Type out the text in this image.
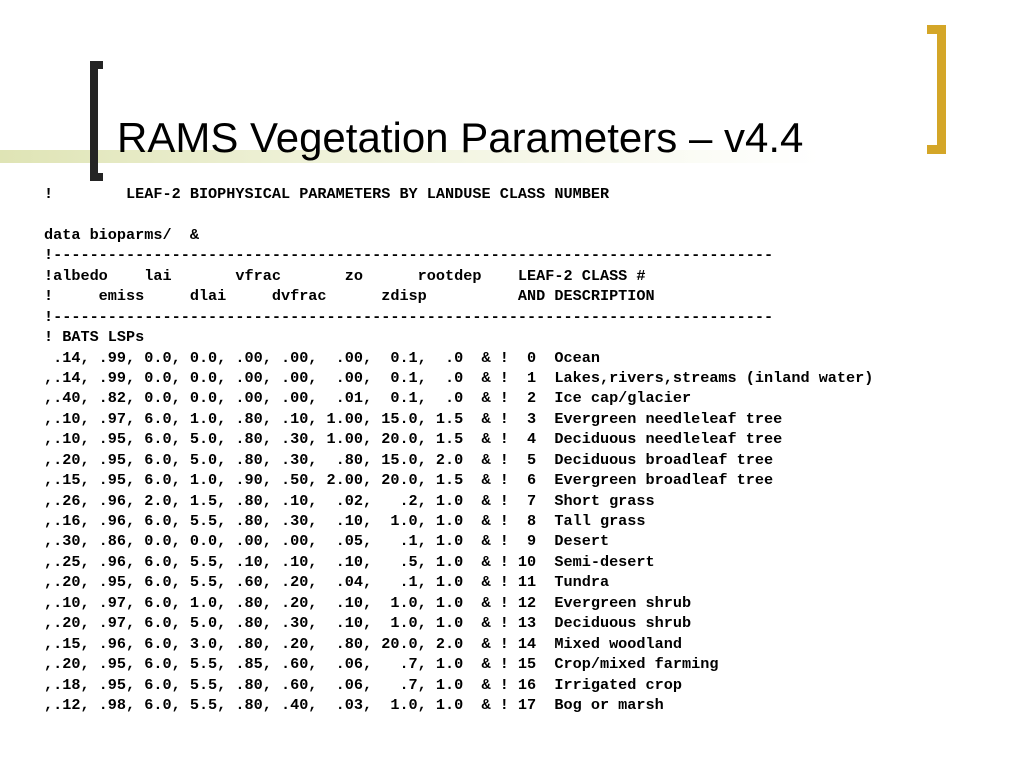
RAMS Vegetation Parameters – v4.4
!        LEAF-2 BIOPHYSICAL PARAMETERS BY LANDUSE CLASS NUMBER
data bioparms/  &
!-------------------------------------------------------------------------------
!albedo    lai       vfrac       zo      rootdep    LEAF-2 CLASS #
!     emiss     dlai     dvfrac      zdisp          AND DESCRIPTION
!-------------------------------------------------------------------------------
! BATS LSPs
.14, .99, 0.0, 0.0, .00, .00,  .00,  0.1,  .0  & !  0  Ocean
,.14, .99, 0.0, 0.0, .00, .00,  .00,  0.1,  .0  & !  1  Lakes,rivers,streams (inland water)
,.40, .82, 0.0, 0.0, .00, .00,  .01,  0.1,  .0  & !  2  Ice cap/glacier
,.10, .97, 6.0, 1.0, .80, .10, 1.00, 15.0, 1.5  & !  3  Evergreen needleleaf tree
,.10, .95, 6.0, 5.0, .80, .30, 1.00, 20.0, 1.5  & !  4  Deciduous needleleaf tree
,.20, .95, 6.0, 5.0, .80, .30,  .80, 15.0, 2.0  & !  5  Deciduous broadleaf tree
,.15, .95, 6.0, 1.0, .90, .50, 2.00, 20.0, 1.5  & !  6  Evergreen broadleaf tree
,.26, .96, 2.0, 1.5, .80, .10,  .02,   .2, 1.0  & !  7  Short grass
,.16, .96, 6.0, 5.5, .80, .30,  .10,  1.0, 1.0  & !  8  Tall grass
,.30, .86, 0.0, 0.0, .00, .00,  .05,   .1, 1.0  & !  9  Desert
,.25, .96, 6.0, 5.5, .10, .10,  .10,   .5, 1.0  & ! 10  Semi-desert
,.20, .95, 6.0, 5.5, .60, .20,  .04,   .1, 1.0  & ! 11  Tundra
,.10, .97, 6.0, 1.0, .80, .20,  .10,  1.0, 1.0  & ! 12  Evergreen shrub
,.20, .97, 6.0, 5.0, .80, .30,  .10,  1.0, 1.0  & ! 13  Deciduous shrub
,.15, .96, 6.0, 3.0, .80, .20,  .80, 20.0, 2.0  & ! 14  Mixed woodland
,.20, .95, 6.0, 5.5, .85, .60,  .06,   .7, 1.0  & ! 15  Crop/mixed farming
,.18, .95, 6.0, 5.5, .80, .60,  .06,   .7, 1.0  & ! 16  Irrigated crop
,.12, .98, 6.0, 5.5, .80, .40,  .03,  1.0, 1.0  & ! 17  Bog or marsh
